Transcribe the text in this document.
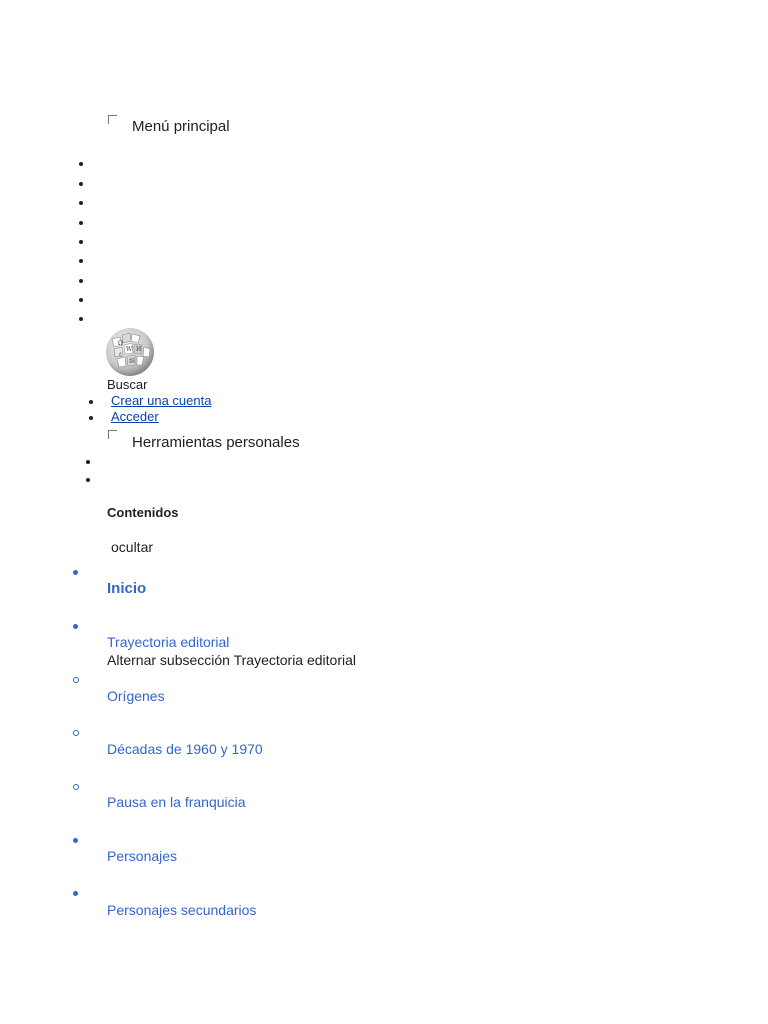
Menú principal
Ω
W И
ع
維
Buscar
Crear una cuenta
Acceder
Herramientas personales
Contenidos
ocultar
Inicio
Trayectoria editorial
Alternar subsección Trayectoria editorial
Orígenes
Décadas de 1960 y 1970
Pausa en la franquicia
Personajes
Personajes secundarios
